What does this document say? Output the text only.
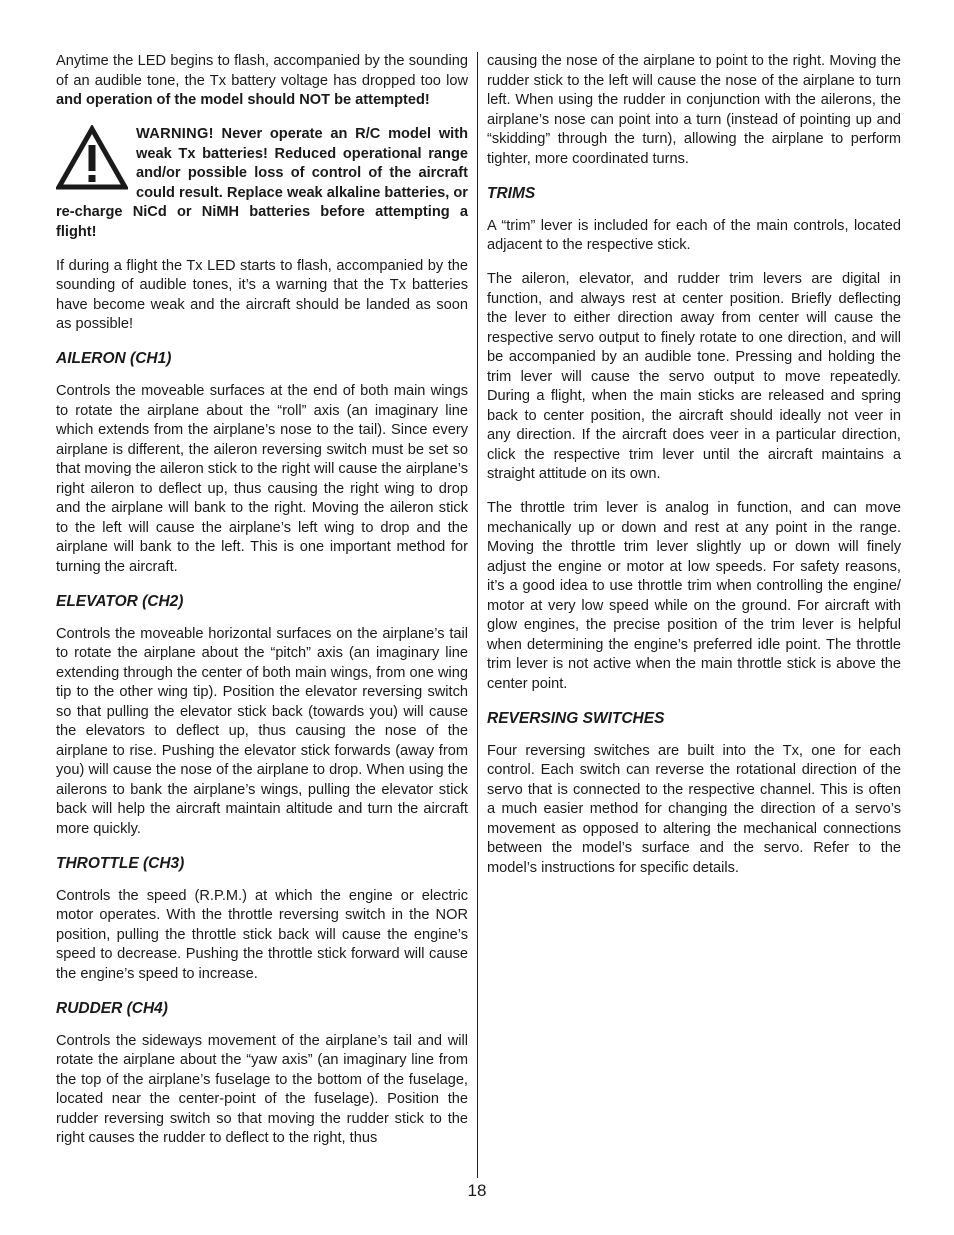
Anytime the LED begins to flash, accompanied by the sounding of an audible tone, the Tx battery voltage has dropped too low and operation of the model should NOT be attempted!

WARNING! Never operate an R/C model with weak Tx batteries! Reduced operational range and/or possible loss of control of the aircraft could result. Replace weak alkaline batteries, or re-charge NiCd or NiMH batteries before attempting a flight!

If during a flight the Tx LED starts to flash, accompanied by the sounding of audible tones, it’s a warning that the Tx batteries have become weak and the aircraft should be landed as soon as possible!

AILERON (CH1)

Controls the moveable surfaces at the end of both main wings to rotate the airplane about the “roll” axis (an imaginary line which extends from the airplane’s nose to the tail). Since every airplane is different, the aileron reversing switch must be set so that moving the aileron stick to the right will cause the airplane’s right aileron to deflect up, thus causing the right wing to drop and the airplane will bank to the right. Moving the aileron stick to the left will cause the airplane’s left wing to drop and the airplane will bank to the left. This is one important method for turning the aircraft.

ELEVATOR (CH2)

Controls the moveable horizontal surfaces on the airplane’s tail to rotate the airplane about the “pitch” axis (an imaginary line extending through the center of both main wings, from one wing tip to the other wing tip). Position the elevator reversing switch so that pulling the elevator stick back (towards you) will cause the elevators to deflect up, thus causing the nose of the airplane to rise. Pushing the elevator stick forwards (away from you) will cause the nose of the airplane to drop. When using the ailerons to bank the airplane’s wings, pulling the elevator stick back will help the aircraft maintain altitude and turn the aircraft more quickly.

THROTTLE (CH3)

Controls the speed (R.P.M.) at which the engine or electric motor operates. With the throttle reversing switch in the NOR position, pulling the throttle stick back will cause the engine’s speed to decrease. Pushing the throttle stick forward will cause the engine’s speed to increase.

RUDDER (CH4)

Controls the sideways movement of the airplane’s tail and will rotate the airplane about the “yaw axis” (an imaginary line from the top of the airplane’s fuselage to the bottom of the fuselage, located near the center-point of the fuselage). Position the rudder reversing switch so that moving the rudder stick to the right causes the rudder to deflect to the right, thus

causing the nose of the airplane to point to the right. Moving the rudder stick to the left will cause the nose of the airplane to turn left. When using the rudder in conjunction with the ailerons, the airplane’s nose can point into a turn (instead of pointing up and “skidding” through the turn), allowing the airplane to perform tighter, more coordinated turns.

TRIMS

A “trim” lever is included for each of the main controls, located adjacent to the respective stick.

The aileron, elevator, and rudder trim levers are digital in function, and always rest at center position. Briefly deflecting the lever to either direction away from center will cause the respective servo output to finely rotate to one direction, and will be accompanied by an audible tone. Pressing and holding the trim lever will cause the servo output to move repeatedly. During a flight, when the main sticks are released and spring back to center position, the aircraft should ideally not veer in any direction. If the aircraft does veer in a particular direction, click the respective trim lever until the aircraft maintains a straight attitude on its own.

The throttle trim lever is analog in function, and can move mechanically up or down and rest at any point in the range. Moving the throttle trim lever slightly up or down will finely adjust the engine or motor at low speeds. For safety reasons, it’s a good idea to use throttle trim when controlling the engine/ motor at very low speed while on the ground. For aircraft with glow engines, the precise position of the trim lever is helpful when determining the engine’s preferred idle point. The throttle trim lever is not active when the main throttle stick is above the center point.

REVERSING SWITCHES

Four reversing switches are built into the Tx, one for each control. Each switch can reverse the rotational direction of the servo that is connected to the respective channel. This is often a much easier method for changing the direction of a servo’s movement as opposed to altering the mechanical connections between the model’s surface and the servo. Refer to the model’s instructions for specific details.

18
